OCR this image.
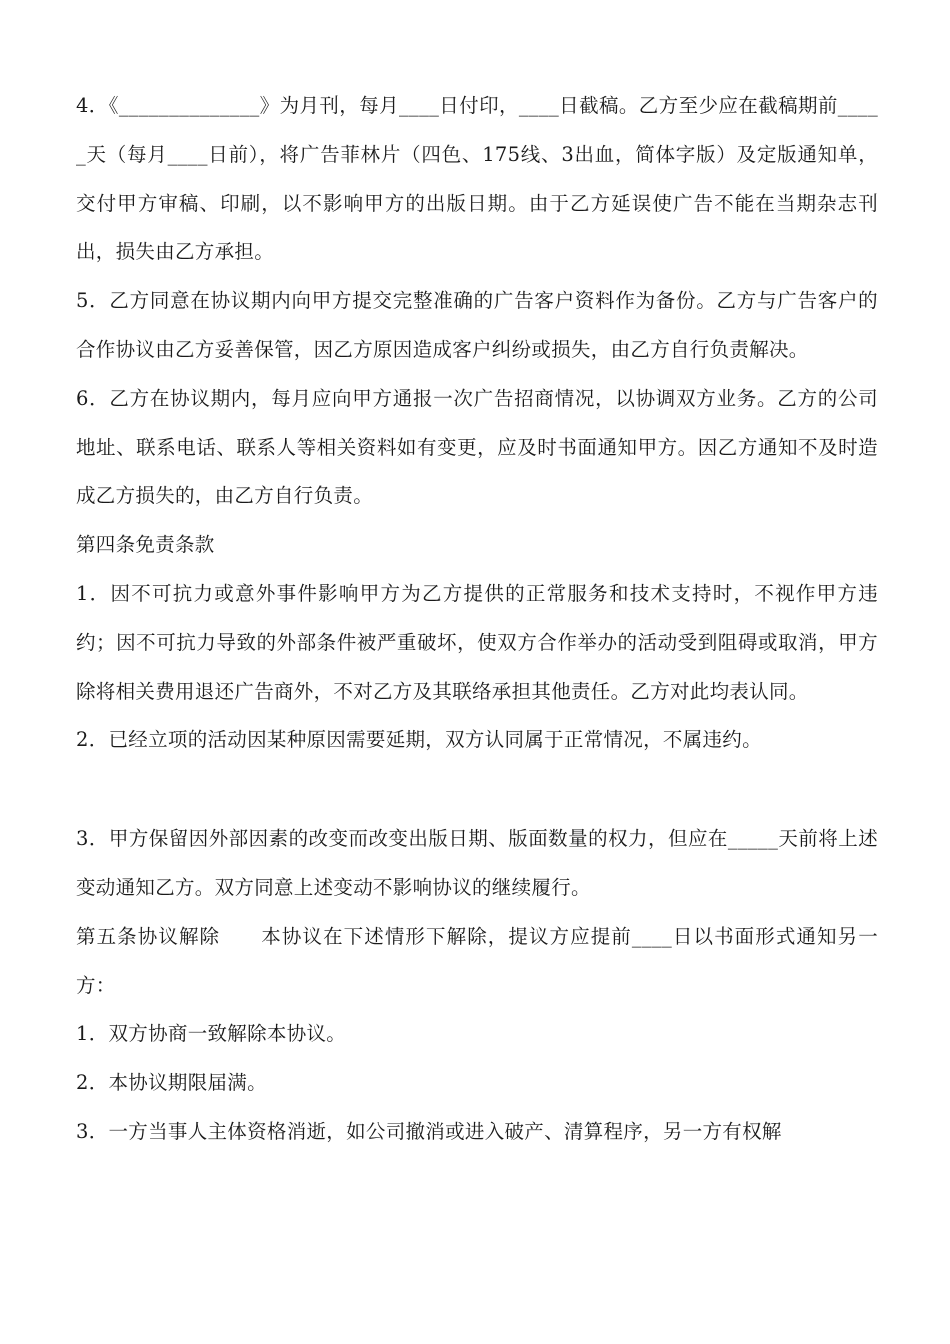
4．《______________》为月刊，每月____日付印，____日截稿。乙方至少应在截稿期前_____天（每月____日前），将广告菲林片（四色、175线、3出血，简体字版）及定版通知单，交付甲方审稿、印刷，以不影响甲方的出版日期。由于乙方延误使广告不能在当期杂志刊出，损失由乙方承担。

5．乙方同意在协议期内向甲方提交完整准确的广告客户资料作为备份。乙方与广告客户的合作协议由乙方妥善保管，因乙方原因造成客户纠纷或损失，由乙方自行负责解决。

6．乙方在协议期内，每月应向甲方通报一次广告招商情况，以协调双方业务。乙方的公司地址、联系电话、联系人等相关资料如有变更，应及时书面通知甲方。因乙方通知不及时造成乙方损失的，由乙方自行负责。

第四条免责条款

1．因不可抗力或意外事件影响甲方为乙方提供的正常服务和技术支持时，不视作甲方违约；因不可抗力导致的外部条件被严重破坏，使双方合作举办的活动受到阻碍或取消，甲方除将相关费用退还广告商外，不对乙方及其联络承担其他责任。乙方对此均表认同。

2．已经立项的活动因某种原因需要延期，双方认同属于正常情况，不属违约。

3．甲方保留因外部因素的改变而改变出版日期、版面数量的权力，但应在_____天前将上述变动通知乙方。双方同意上述变动不影响协议的继续履行。

第五条协议解除　　本协议在下述情形下解除，提议方应提前____日以书面形式通知另一方：

1．双方协商一致解除本协议。

2．本协议期限届满。

3．一方当事人主体资格消逝，如公司撤消或进入破产、清算程序，另一方有权解
